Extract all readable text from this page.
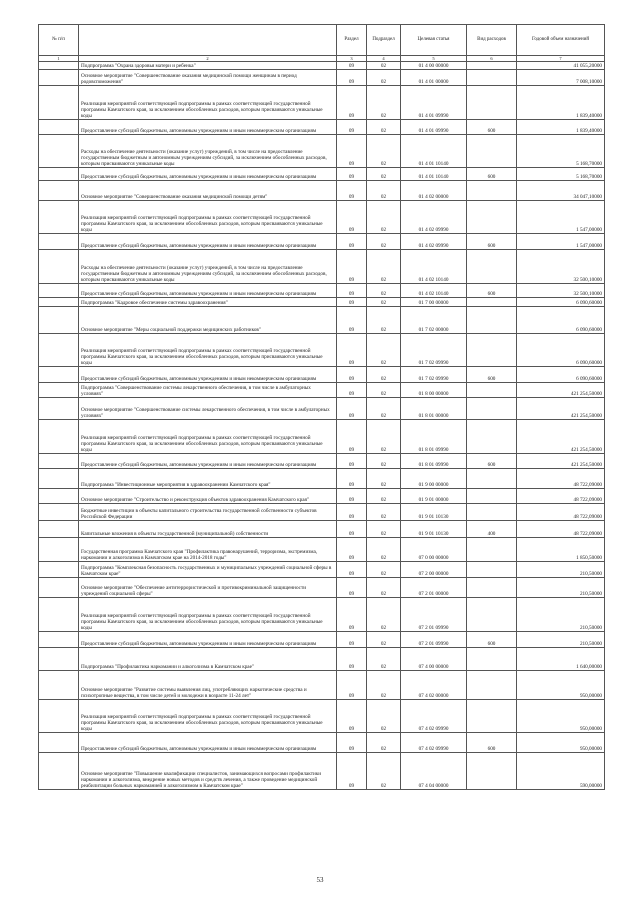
№ п/п		Раздел	Подраздел	Целевая статья	Вид расходов	Годовой объем назначений
1	2	3	4	5	6	7
	Подпрограмма "Охрана здоровья матери и ребенка"	09	02	01 4 00 00000		41 055,20000
	Основное мероприятие "Совершенствование оказания медицинской помощи женщинам в период родовспоможения"	09	02	01 4 01 00000		7 008,10000
	Реализация мероприятий соответствующей подпрограммы в рамках соответствующей государственной программы Камчатского края, за исключением обособленных расходов, которым присваиваются уникальные коды	09	02	01 4 01 09990		1 839,40000
	Предоставление субсидий бюджетным, автономным учреждениям и иным некоммерческим организациям	09	02	01 4 01 09990	600	1 839,40000
	Расходы на обеспечение деятельности (оказание услуг) учреждений, в том числе на предоставление государственным бюджетным и автономным учреждениям субсидий, за исключением обособленных расходов, которым присваиваются уникальные коды	09	02	01 4 01 10140		5 168,70000
	Предоставление субсидий бюджетным, автономным учреждениям и иным некоммерческим организациям	09	02	01 4 01 10140	600	5 168,70000
	Основное мероприятие "Совершенствование оказания медицинской помощи детям"	09	02	01 4 02 00000		34 047,10000
	Реализация мероприятий соответствующей подпрограммы в рамках соответствующей государственной программы Камчатского края, за исключением обособленных расходов, которым присваиваются уникальные коды	09	02	01 4 02 09990		1 547,00000
	Предоставление субсидий бюджетным, автономным учреждениям и иным некоммерческим организациям	09	02	01 4 02 09990	600	1 547,00000
	Расходы на обеспечение деятельности (оказание услуг) учреждений, в том числе на предоставление государственным бюджетным и автономным учреждениям субсидий, за исключением обособленных расходов, которым присваиваются уникальные коды	09	02	01 4 02 10140		32 500,10000
	Предоставление субсидий бюджетным, автономным учреждениям и иным некоммерческим организациям	09	02	01 4 02 10140	600	32 500,10000
	Подпрограмма "Кадровое обеспечение системы здравоохранения"	09	02	01 7 00 00000		6 090,60000
	Основное мероприятие "Меры социальной поддержки медицинских работников"	09	02	01 7 02 00000		6 090,60000
	Реализация мероприятий соответствующей подпрограммы в рамках соответствующей государственной программы Камчатского края, за исключением обособленных расходов, которым присваиваются уникальные коды	09	02	01 7 02 09990		6 090,60000
	Предоставление субсидий бюджетным, автономным учреждениям и иным некоммерческим организациям	09	02	01 7 02 09990	600	6 090,60000
	Подпрограмма "Совершенствование системы лекарственного обеспечения, в том числе в амбулаторных условиях"	09	02	01 8 00 00000		421 254,50000
	Основное мероприятие "Совершенствование системы лекарственного обеспечения, в том числе в амбулаторных условиях"	09	02	01 8 01 00000		421 254,50000
	Реализация мероприятий соответствующей подпрограммы в рамках соответствующей государственной программы Камчатского края, за исключением обособленных расходов, которым присваиваются уникальные коды	09	02	01 8 01 09990		421 254,50000
	Предоставление субсидий бюджетным, автономным учреждениям и иным некоммерческим организациям	09	02	01 8 01 09990	600	421 254,50000
	Подпрограмма "Инвестиционные мероприятия в здравоохранении Камчатского края"	09	02	01 9 00 00000		48 722,09000
	Основное мероприятие "Строительство и реконструкция объектов здравоохранения Камчатского края"	09	02	01 9 01 00000		48 722,09000
	Бюджетные инвестиции в объекты капитального строительства государственной собственности субъектов Российской Федерации	09	02	01 9 01 10130		48 722,09000
	Капитальные вложения в объекты государственной (муниципальной) собственности	09	02	01 9 01 10130	400	48 722,09000
	Государственная программа Камчатского края "Профилактика правонарушений, терроризма, экстремизма, наркомании и алкоголизма в Камчатском крае на 2014-2018 годы"	09	02	07 0 00 00000		1 850,50000
	Подпрограмма "Комплексная безопасность государственных и муниципальных учреждений социальной сферы в Камчатском крае"	09	02	07 2 00 00000		210,50000
	Основное мероприятие "Обеспечение антитеррористической и противокриминальной защищенности учреждений социальной сферы"	09	02	07 2 01 00000		210,50000
	Реализация мероприятий соответствующей подпрограммы в рамках соответствующей государственной программы Камчатского края, за исключением обособленных расходов, которым присваиваются уникальные коды	09	02	07 2 01 09990		210,50000
	Предоставление субсидий бюджетным, автономным учреждениям и иным некоммерческим организациям	09	02	07 2 01 09990	600	210,50000
	Подпрограмма "Профилактика наркомании и алкоголизма в Камчатском крае"	09	02	07 4 00 00000		1 640,00000
	Основное мероприятие "Развитие системы выявления лиц, употребляющих наркотические средства и психотропные вещества, в том числе детей и молодежи в возрасте 11-24 лет"	09	02	07 4 02 00000		950,00000
	Реализация мероприятий соответствующей подпрограммы в рамках соответствующей государственной программы Камчатского края, за исключением обособленных расходов, которым присваиваются уникальные коды	09	02	07 4 02 09990		950,00000
	Предоставление субсидий бюджетным, автономным учреждениям и иным некоммерческим организациям	09	02	07 4 02 09990	600	950,00000
	Основное мероприятие "Повышение квалификации специалистов, занимающихся вопросами профилактики наркомании и алкоголизма, внедрение новых методов и средств лечения, а также проведение медицинской реабилитации больных наркоманией и алкоголизмом в Камчатском крае"	09	02	07 4 04 00000		590,00000
53
